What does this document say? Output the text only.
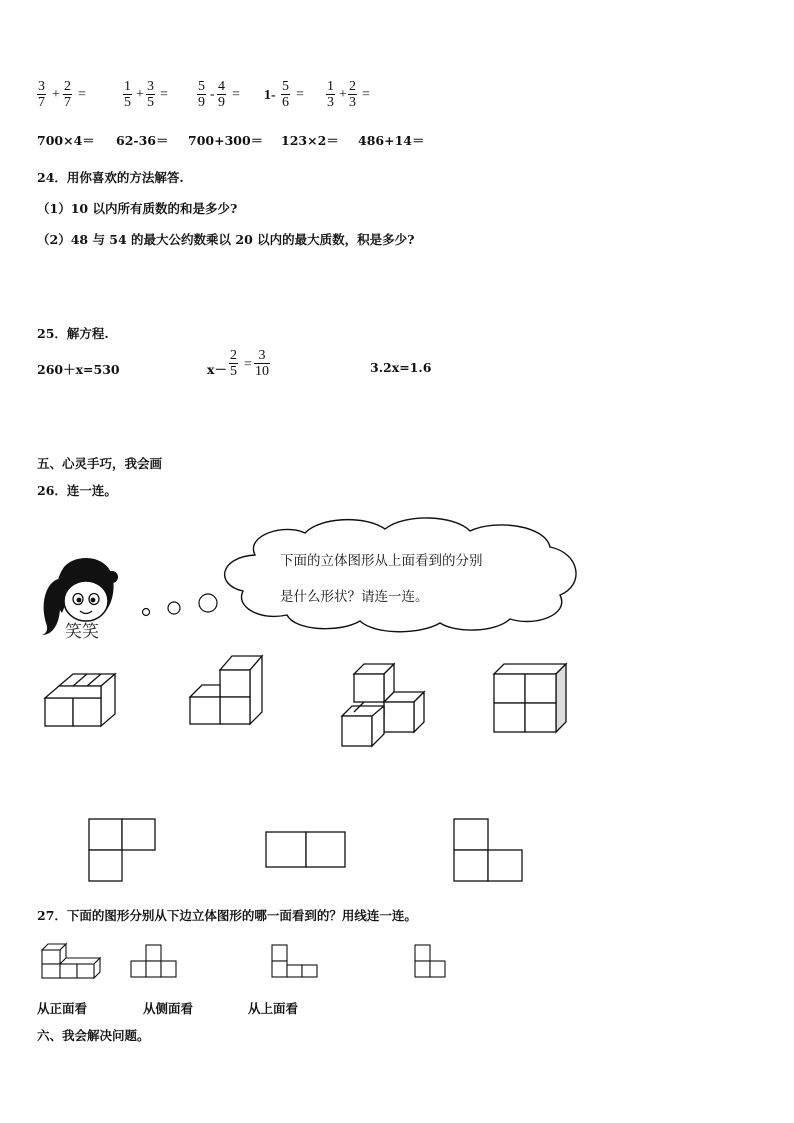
$\frac{3}{7} + \frac{2}{7}$ =	$\frac{1}{5} + \frac{3}{5} = \frac{5}{9} - \frac{4}{9} = 1- \frac{5}{6} = \frac{1}{3} + \frac{2}{3}$ =
700×4＝ 62-36＝ 700+300＝ 123×2＝ 486+14＝
24．用你喜欢的方法解答.
（1）10 以内所有质数的和是多少?
（2）48 与 54 的最大公约数乘以 20 以内的最大质数，积是多少?
25．解方程.
260＋x=530	$x- \frac{2}{5} = \frac{3}{10}$	3.2x=1.6
五、心灵手巧，我会画
26．连一连。
笑笑
下面的立体图形从上面看到的分别
是什么形状？请连一连。
27．下面的图形分别从下边立体图形的哪一面看到的？用线连一连。
从正面看	从侧面看	从上面看
六、我会解决问题。
